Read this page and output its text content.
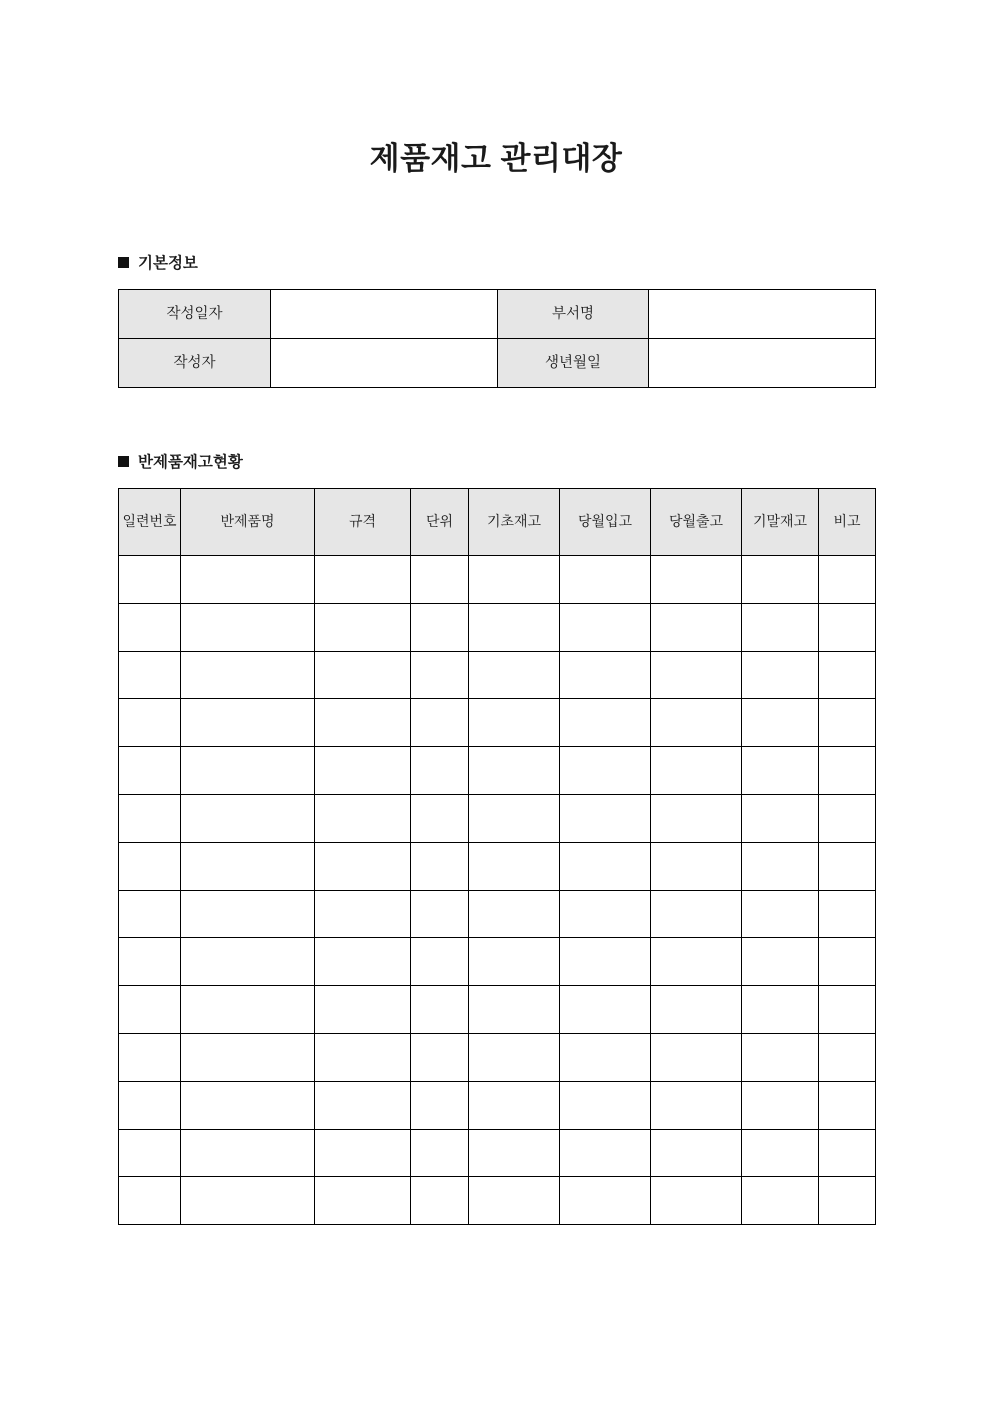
제품재고 관리대장
기본정보
작성일자		부서명	
작성자		생년월일	
반제품재고현황
일련번호	반제품명	규격	단위	기초재고	당월입고	당월출고	기말재고	비고
